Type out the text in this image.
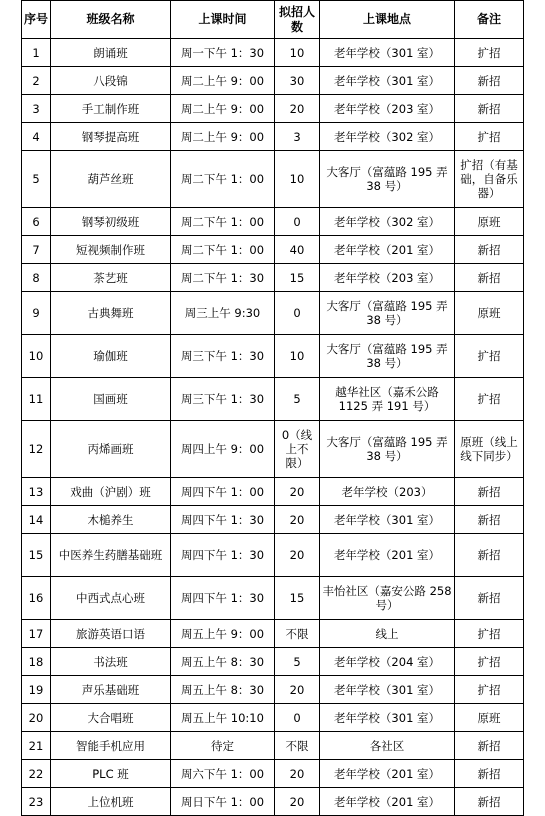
序号	班级名称	上课时间	拟招人数	上课地点	备注
1	朗诵班	周一下午 1：30	10	老年学校（301 室）	扩招
2	八段锦	周二上午 9：00	30	老年学校（301 室）	新招
3	手工制作班	周二上午 9：00	20	老年学校（203 室）	新招
4	钢琴提高班	周二上午 9：00	3	老年学校（302 室）	扩招
5	葫芦丝班	周二下午 1：00	10	大客厅（富蕴路 195 弄 38 号）	扩招（有基础，自备乐器）
6	钢琴初级班	周二下午 1：00	0	老年学校（302 室）	原班
7	短视频制作班	周二下午 1：00	40	老年学校（201 室）	新招
8	茶艺班	周二下午 1：30	15	老年学校（203 室）	新招
9	古典舞班	周三上午 9:30	0	大客厅（富蕴路 195 弄 38 号）	原班
10	瑜伽班	周三下午 1：30	10	大客厅（富蕴路 195 弄 38 号）	扩招
11	国画班	周三下午 1：30	5	越华社区（嘉禾公路 1125 弄 191 号）	扩招
12	丙烯画班	周四上午 9：00	0（线上不限）	大客厅（富蕴路 195 弄 38 号）	原班（线上线下同步）
13	戏曲（沪剧）班	周四下午 1：00	20	老年学校（203）	新招
14	木槌养生	周四下午 1：30	20	老年学校（301 室）	新招
15	中医养生药膳基础班	周四下午 1：30	20	老年学校（201 室）	新招
16	中西式点心班	周四下午 1：30	15	丰怡社区（嘉安公路 258 号）	新招
17	旅游英语口语	周五上午 9：00	不限	线上	扩招
18	书法班	周五上午 8：30	5	老年学校（204 室）	扩招
19	声乐基础班	周五上午 8：30	20	老年学校（301 室）	扩招
20	大合唱班	周五上午 10:10	0	老年学校（301 室）	原班
21	智能手机应用	待定	不限	各社区	新招
22	PLC 班	周六下午 1：00	20	老年学校（201 室）	新招
23	上位机班	周日下午 1：00	20	老年学校（201 室）	新招
